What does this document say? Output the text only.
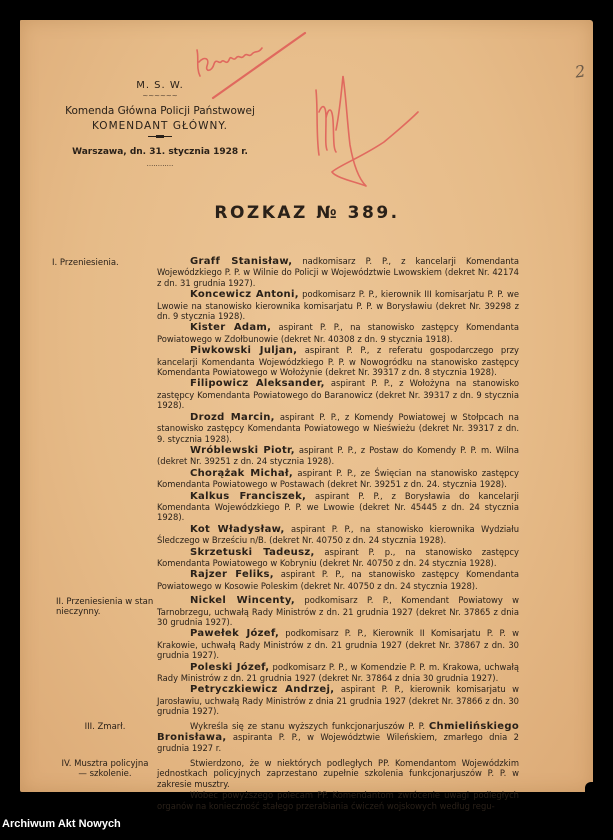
2
M. S. W.
~~~~~~
Komenda Główna Policji Państwowej
KOMENDANT GŁÓWNY.
Warszawa, dn. 31. stycznia 1928 r.
............
ROZKAZ № 389.
I. Przeniesienia.	Graff Stanisław, nadkomisarz P. P., z kancelarji Komendanta Wojewódzkiego P. P. w Wilnie do Policji w Województwie Lwowskiem (dekret Nr. 42174 z dn. 31 grudnia 1927).

Koncewicz Antoni, podkomisarz P. P., kierownik III komisarjatu P. P. we Lwowie na stanowisko kierownika komisarjatu P. P. w Borysławiu (dekret Nr. 39298 z dn. 9 stycznia 1928).

Kister Adam, aspirant P. P., na stanowisko zastępcy Komendanta Powiatowego w Zdołbunowie (dekret Nr. 40308 z dn. 9 stycznia 1918).

Piwkowski Juljan, aspirant P. P., z referatu gospodarczego przy kancelarji Komendanta Wojewódzkiego P. P. w Nowogródku na stanowisko zastępcy Komendanta Powiatowego w Wołożynie (dekret Nr. 39317 z dn. 8 stycznia 1928).

Filipowicz Aleksander, aspirant P. P., z Wołożyna na stanowisko zastępcy Komendanta Powiatowego do Baranowicz (dekret Nr. 39317 z dn. 9 stycznia 1928).

Drozd Marcin, aspirant P. P., z Komendy Powiatowej w Stołpcach na stanowisko zastępcy Komendanta Powiatowego w Nieświeżu (dekret Nr. 39317 z dn. 9. stycznia 1928).

Wróblewski Piotr, aspirant P. P., z Postaw do Komendy P. P. m. Wilna (dekret Nr. 39251 z dn. 24 stycznia 1928).

Chorążak Michał, aspirant P. P., ze Święcian na stanowisko zastępcy Komendanta Powiatowego w Postawach (dekret Nr. 39251 z dn. 24. stycznia 1928).

Kalkus Franciszek, aspirant P. P., z Borysławia do kancelarji Komendanta Wojewódzkiego P. P. we Lwowie (dekret Nr. 45445 z dn. 24 stycznia 1928).

Kot Władysław, aspirant P. P., na stanowisko kierownika Wydziału Śledczego w Brześciu n/B. (dekret Nr. 40750 z dn. 24 stycznia 1928).

Skrzetuski Tadeusz, aspirant P. p., na stanowisko zastępcy Komendanta Powiatowego w Kobryniu (dekret Nr. 40750 z dn. 24 stycznia 1928).

Rajzer Feliks, aspirant P. P., na stanowisko zastępcy Komendanta Powiatowego w Kosowie Poleskim (dekret Nr. 40750 z dn. 24 stycznia 1928).

II. Przeniesienia w stan nieczynny.

Nickel Wincenty, podkomisarz P. P., Komendant Powiatowy w Tarnobrzegu, uchwałą Rady Ministrów z dn. 21 grudnia 1927 (dekret Nr. 37865 z dnia 30 grudnia 1927).

Pawełek Józef, podkomisarz P. P., Kierownik II Komisarjatu P. P. w Krakowie, uchwałą Rady Ministrów z dn. 21 grudnia 1927 (dekret Nr. 37867 z dn. 30 grudnia 1927).

Poleski Józef, podkomisarz P. P., w Komendzie P. P. m. Krakowa, uchwałą Rady Ministrów z dn. 21 grudnia 1927 (dekret Nr. 37864 z dnia 30 grudnia 1927).

Petryczkiewicz Andrzej, aspirant P. P., kierownik komisarjatu w Jarosławiu, uchwałą Rady Ministrów z dnia 21 grudnia 1927 (dekret Nr. 37866 z dn. 30 grudnia 1927).

III. Zmarł.	Wykreśla się ze stanu wyższych funkcjonarjuszów P. P. Chmielińskiego Bronisława, aspiranta P. P., w Województwie Wileńskiem, zmarłego dnia 2 grudnia 1927 r.

IV. Musztra policyjna — szkolenie.

Stwierdzono, że w niektórych podległych PP. Komendantom Wojewódzkim jednostkach policyjnych zaprzestano zupełnie szkolenia funkcjonarjuszów P. P. w zakresie musztry.

Wobec powyższego polecam PP. Komendantom zwrócenie uwagi podległych organów na konieczność stałego przerabiania ćwiczeń wojskowych według regu-

Archiwum Akt Nowych
